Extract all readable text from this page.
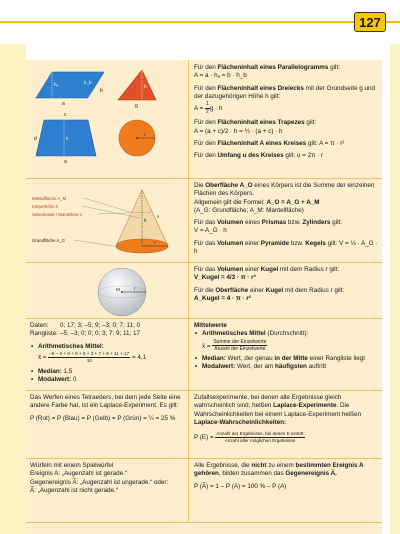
127
a
b
hₐ	h_b
h
g
c
a
d	h
r
Für den Flächeninhalt eines Parallelogramms gilt:
A = a · hₐ = b · h_b
Für den Flächeninhalt eines Dreiecks mit der Grundseite g und der dazugehörigen Höhe h gilt:
$A = \frac{1}{2}$ g · h
Für den Flächeninhalt eines Trapezes gilt:
A = (a + c)/2 · h = ½ · (a + c) · h
Für den Flächeninhalt A eines Kreises gilt: A = π · r²
Für den Umfang u des Kreises gilt: u = 2π · r
h
s
r
Mantelfläche A_M
Körperhöhe h
Seitenkante / Mantellinie s
Grundfläche A_G
Die Oberfläche A_O eines Körpers ist die Summe der einzelnen Flächen des Körpers.
Allgemein gilt die Formel: A_O = A_G + A_M
(A_G: Grundfläche; A_M: Mantelfläche)
Für das Volumen eines Prismas bzw. Zylinders gilt:
V = A_G · h
Für das Volumen einer Pyramide bzw. Kegels gilt: V = ⅓ · A_G · h
M	r
Für das Volumen einer Kugel mit dem Radius r gilt:
V_Kugel = 4/3 · π · r³
Für die Oberfläche einer Kugel mit dem Radius r gilt:
A_Kugel = 4 · π · r²
Daten: 0; 17; 3; –5; 9; –3; 0; 7; 11; 0
Rangliste: –5; –3; 0; 0; 0; 3; 7; 9; 11; 17
• Arithmetisches Mittel:
x̄ = $\frac{-5 - 3 + 0 + 0 + 0 + 3 + 7 + 9 + 11 + 17}{10} = 4,1$
• Median: 1,5
• Modalwert: 0
Mittelwerte
• Arithmetisches Mittel (Durchschnitt):
x̄ = $\frac{\text{Summe der Einzelwerte}}{\text{Anzahl der Einzelwerte}}$
• Median: Wert, der genau in der Mitte einer Rangliste liegt
• Modalwert: Wert, der am häufigsten auftritt
Das Werfen eines Tetraeders, bei dem jede Seite eine andere Farbe hat, ist ein Laplace-Experiment. Es gilt:
P (Rot) = P (Blau) = P (Gelb) = P (Grün) = ¼ = 25 %
Zufallsexperimente, bei denen alle Ergebnisse gleich wahrscheinlich sind, heißen Laplace-Experimente. Die Wahrscheinlichkeiten bei einem Laplace-Experiment heißen Laplace-Wahrscheinlichkeiten:
P $(E) = \frac{\text{Anzahl der Ergebnisse, bei denen E eintritt}}{\text{Anzahl aller möglichen Ergebnisse}}$
Würfeln mit einem Spielwürfel
Ereignis A: „Augenzahl ist gerade.“
Gegenereignis A̅: „Augenzahl ist ungerade.“ oder:
A̅: „Augenzahl ist nicht gerade.“
Alle Ergebnisse, die nicht zu einem bestimmten Ereignis A gehören, bilden zusammen das Gegenereignis A̅.
P (A̅) = 1 – P (A) = 100 % – P (A)
